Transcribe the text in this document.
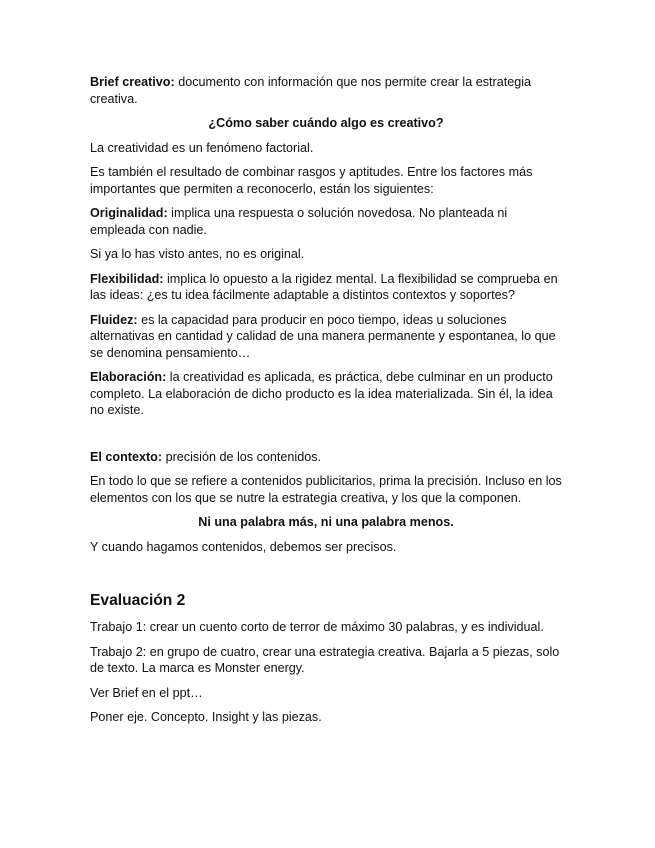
Brief creativo: documento con información que nos permite crear la estrategia creativa.

¿Cómo saber cuándo algo es creativo?

La creatividad es un fenómeno factorial.

Es también el resultado de combinar rasgos y aptitudes. Entre los factores más importantes que permiten a reconocerlo, están los siguientes:

Originalidad: implica una respuesta o solución novedosa. No planteada ni empleada con nadie.

Si ya lo has visto antes, no es original.

Flexibilidad: implica lo opuesto a la rigidez mental. La flexibilidad se comprueba en las ideas: ¿es tu idea fácilmente adaptable a distintos contextos y soportes?

Fluidez: es la capacidad para producir en poco tiempo, ideas u soluciones alternativas en cantidad y calidad de una manera permanente y espontanea, lo que se denomina pensamiento…

Elaboración: la creatividad es aplicada, es práctica, debe culminar en un producto completo. La elaboración de dicho producto es la idea materializada. Sin él, la idea no existe.

El contexto: precisión de los contenidos.

En todo lo que se refiere a contenidos publicitarios, prima la precisión. Incluso en los elementos con los que se nutre la estrategia creativa, y los que la componen.

Ni una palabra más, ni una palabra menos.

Y cuando hagamos contenidos, debemos ser precisos.

Evaluación 2

Trabajo 1: crear un cuento corto de terror de máximo 30 palabras, y es individual.

Trabajo 2: en grupo de cuatro, crear una estrategia creativa. Bajarla a 5 piezas, solo de texto. La marca es Monster energy.

Ver Brief en el ppt…

Poner eje. Concepto. Insight y las piezas.
